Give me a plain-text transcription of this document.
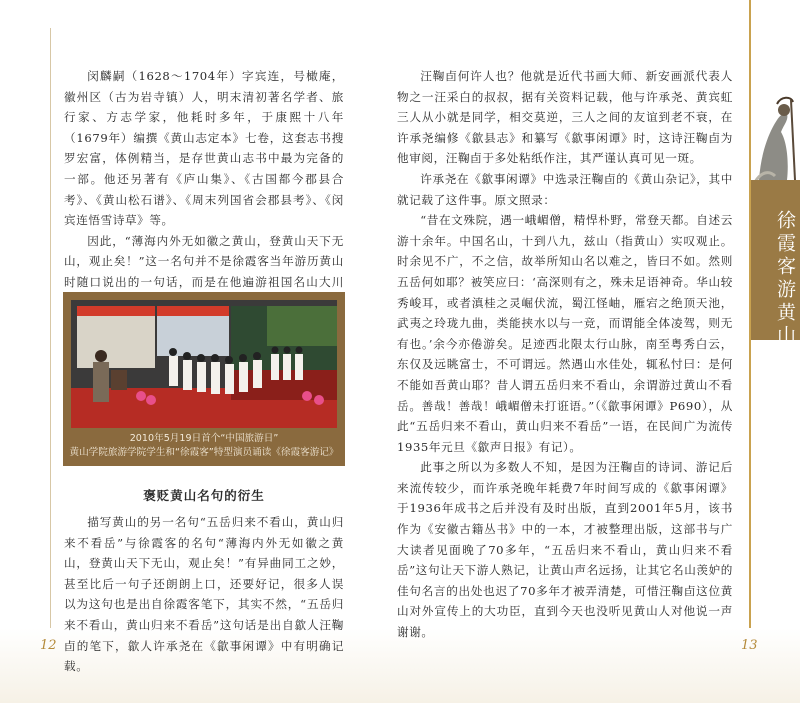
闵麟嗣（1628～1704年）字宾连，号橄庵，徽州区（古为岩寺镇）人，明末清初著名学者、旅行家、方志学家，他耗时多年，于康熙十八年（1679年）编撰《黄山志定本》七卷，这套志书搜罗宏富，体例精当，是存世黄山志书中最为完备的一部。他还另著有《庐山集》、《古国都今郡县合考》、《黄山松石谱》、《周末列国省会郡县考》、《闵宾连悟雪诗草》等。

因此，“薄海内外无如徽之黄山，登黄山天下无山，观止矣！”这一名句并不是徐霞客当年游历黄山时随口说出的一句话，而是在他遍游祖国名山大川

2010年5月19日首个“中国旅游日”
黄山学院旅游学院学生和“徐霞客”特型演员诵读《徐霞客游记》
褒贬黄山名句的衍生

描写黄山的另一名句“五岳归来不看山，黄山归来不看岳”与徐霞客的名句“薄海内外无如徽之黄山，登黄山天下无山，观止矣！”有异曲同工之妙，甚至比后一句子还朗朗上口，还要好记，很多人误以为这句也是出自徐霞客笔下，其实不然，“五岳归来不看山，黄山归来不看岳”这句话是出自歙人汪鞠卣的笔下，歙人许承尧在《歙事闲谭》中有明确记载。

汪鞠卣何许人也？他就是近代书画大师、新安画派代表人物之一汪采白的叔叔，据有关资料记载，他与许承尧、黄宾虹三人从小就是同学，相交莫逆，三人之间的友谊到老不衰，在许承尧编修《歙县志》和纂写《歙事闲谭》时，这诗汪鞠卣为他审阅，汪鞠卣于多处粘纸作注，其严谨认真可见一斑。

许承尧在《歙事闲谭》中选录汪鞠卣的《黄山杂记》，其中就记载了这件事。原文照录：

“昔在文殊院，遇一峨嵋僧，精悍朴野，常登天都。自述云游十余年。中国名山，十到八九，兹山（指黄山）实叹观止。时余见不广，不之信，故举所知山名以难之，皆曰不如。然则五岳何如耶？被笑应曰：‘高深则有之，殊未足语神奇。华山较秀峻耳，或者滇桂之灵崛伏流，蜀江怪岫，雁宕之绝顶天池，武夷之玲珑九曲，类能挟水以与一竞，而谓能全体凌驾，则无有也。’余今亦倦游矣。足迹西北限太行山脉，南至粤秀白云，东仅及远眺富士，不可谓远。然遇山水佳处，辄私忖曰：是何不能如吾黄山耶？昔人谓五岳归来不看山，余谓游过黄山不看岳。善哉！善哉！峨嵋僧未打诳语。”（《歙事闲谭》P690），从此“五岳归来不看山，黄山归来不看岳”一语，在民间广为流传1935年元旦《歙声日报》有记）。

此事之所以为多数人不知，是因为汪鞠卣的诗词、游记后来流传较少，而许承尧晚年耗费7年时间写成的《歙事闲谭》于1936年成书之后并没有及时出版，直到2001年5月，该书作为《安徽古籍丛书》中的一本，才被整理出版，这部书与广大读者见面晚了70多年，“五岳归来不看山，黄山归来不看岳”这句让天下游人熟记，让黄山声名远扬，让其它名山羡妒的佳句名言的出处也迟了70多年才被弄清楚，可惜汪鞠卣这位黄山对外宣传上的大功臣，直到今天也没听见黄山人对他说一声谢谢。

徐霞客游黄山
12	13
